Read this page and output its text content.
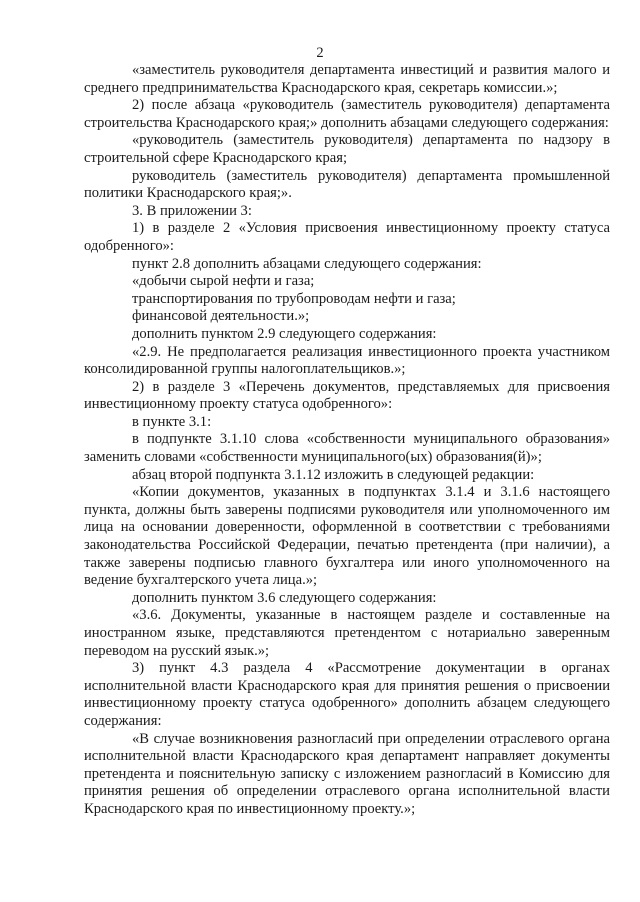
2

«заместитель руководителя департамента инвестиций и развития малого и среднего предпринимательства Краснодарского края, секретарь комиссии.»;

2) после абзаца «руководитель (заместитель руководителя) департамента строительства Краснодарского края;» дополнить абзацами следующего содержания:

«руководитель (заместитель руководителя) департамента по надзору в строительной сфере Краснодарского края;

руководитель (заместитель руководителя) департамента промышленной политики Краснодарского края;».

3. В приложении 3:

1) в разделе 2 «Условия присвоения инвестиционному проекту статуса одобренного»:

пункт 2.8 дополнить абзацами следующего содержания:

«добычи сырой нефти и газа;

транспортирования по трубопроводам нефти и газа;

финансовой деятельности.»;

дополнить пунктом 2.9 следующего содержания:

«2.9. Не предполагается реализация инвестиционного проекта участником консолидированной группы налогоплательщиков.»;

2) в разделе 3 «Перечень документов, представляемых для присвоения инвестиционному проекту статуса одобренного»:

в пункте 3.1:

в подпункте 3.1.10 слова «собственности муниципального образования» заменить словами «собственности муниципального(ых) образования(й)»;

абзац второй подпункта 3.1.12 изложить в следующей редакции:

«Копии документов, указанных в подпунктах 3.1.4 и 3.1.6 настоящего пункта, должны быть заверены подписями руководителя или уполномоченного им лица на основании доверенности, оформленной в соответствии с требованиями законодательства Российской Федерации, печатью претендента (при наличии), а также заверены подписью главного бухгалтера или иного уполномоченного на ведение бухгалтерского учета лица.»;

дополнить пунктом 3.6 следующего содержания:

«3.6. Документы, указанные в настоящем разделе и составленные на иностранном языке, представляются претендентом с нотариально заверенным переводом на русский язык.»;

3) пункт 4.3 раздела 4 «Рассмотрение документации в органах исполнительной власти Краснодарского края для принятия решения о присвоении инвестиционному проекту статуса одобренного» дополнить абзацем следующего содержания:

«В случае возникновения разногласий при определении отраслевого органа исполнительной власти Краснодарского края департамент направляет документы претендента и пояснительную записку с изложением разногласий в Комиссию для принятия решения об определении отраслевого органа исполнительной власти Краснодарского края по инвестиционному проекту.»;
